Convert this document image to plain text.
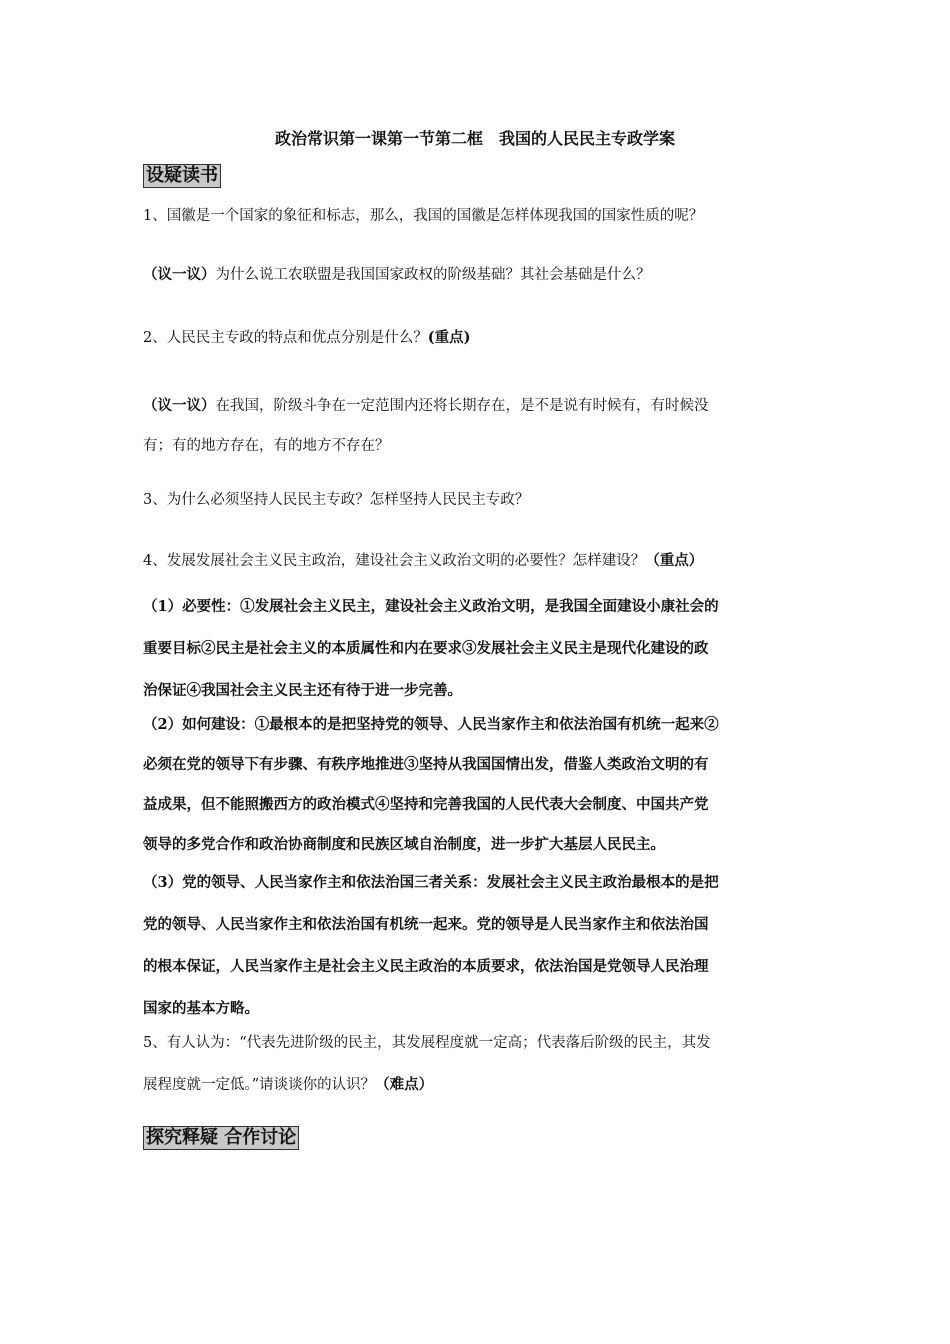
政治常识第一课第一节第二框　我国的人民民主专政学案
设疑读书
1、国徽是一个国家的象征和标志，那么，我国的国徽是怎样体现我国的国家性质的呢？
（议一议）为什么说工农联盟是我国国家政权的阶级基础？其社会基础是什么？
2、人民民主专政的特点和优点分别是什么？(重点)
（议一议）在我国，阶级斗争在一定范围内还将长期存在，是不是说有时候有，有时候没
有；有的地方存在，有的地方不存在？
3、为什么必须坚持人民民主专政？怎样坚持人民民主专政？
4、发展发展社会主义民主政治，建设社会主义政治文明的必要性？怎样建设？（重点）
（1）必要性：①发展社会主义民主，建设社会主义政治文明，是我国全面建设小康社会的
重要目标②民主是社会主义的本质属性和内在要求③发展社会主义民主是现代化建设的政
治保证④我国社会主义民主还有待于进一步完善。
（2）如何建设：①最根本的是把坚持党的领导、人民当家作主和依法治国有机统一起来②
必须在党的领导下有步骤、有秩序地推进③坚持从我国国情出发，借鉴人类政治文明的有
益成果，但不能照搬西方的政治模式④坚持和完善我国的人民代表大会制度、中国共产党
领导的多党合作和政治协商制度和民族区域自治制度，进一步扩大基层人民民主。
（3）党的领导、人民当家作主和依法治国三者关系：发展社会主义民主政治最根本的是把
党的领导、人民当家作主和依法治国有机统一起来。党的领导是人民当家作主和依法治国
的根本保证，人民当家作主是社会主义民主政治的本质要求，依法治国是党领导人民治理
国家的基本方略。
5、有人认为：“代表先进阶级的民主，其发展程度就一定高；代表落后阶级的民主，其发
展程度就一定低。”请谈谈你的认识？（难点）
探究释疑 合作讨论
